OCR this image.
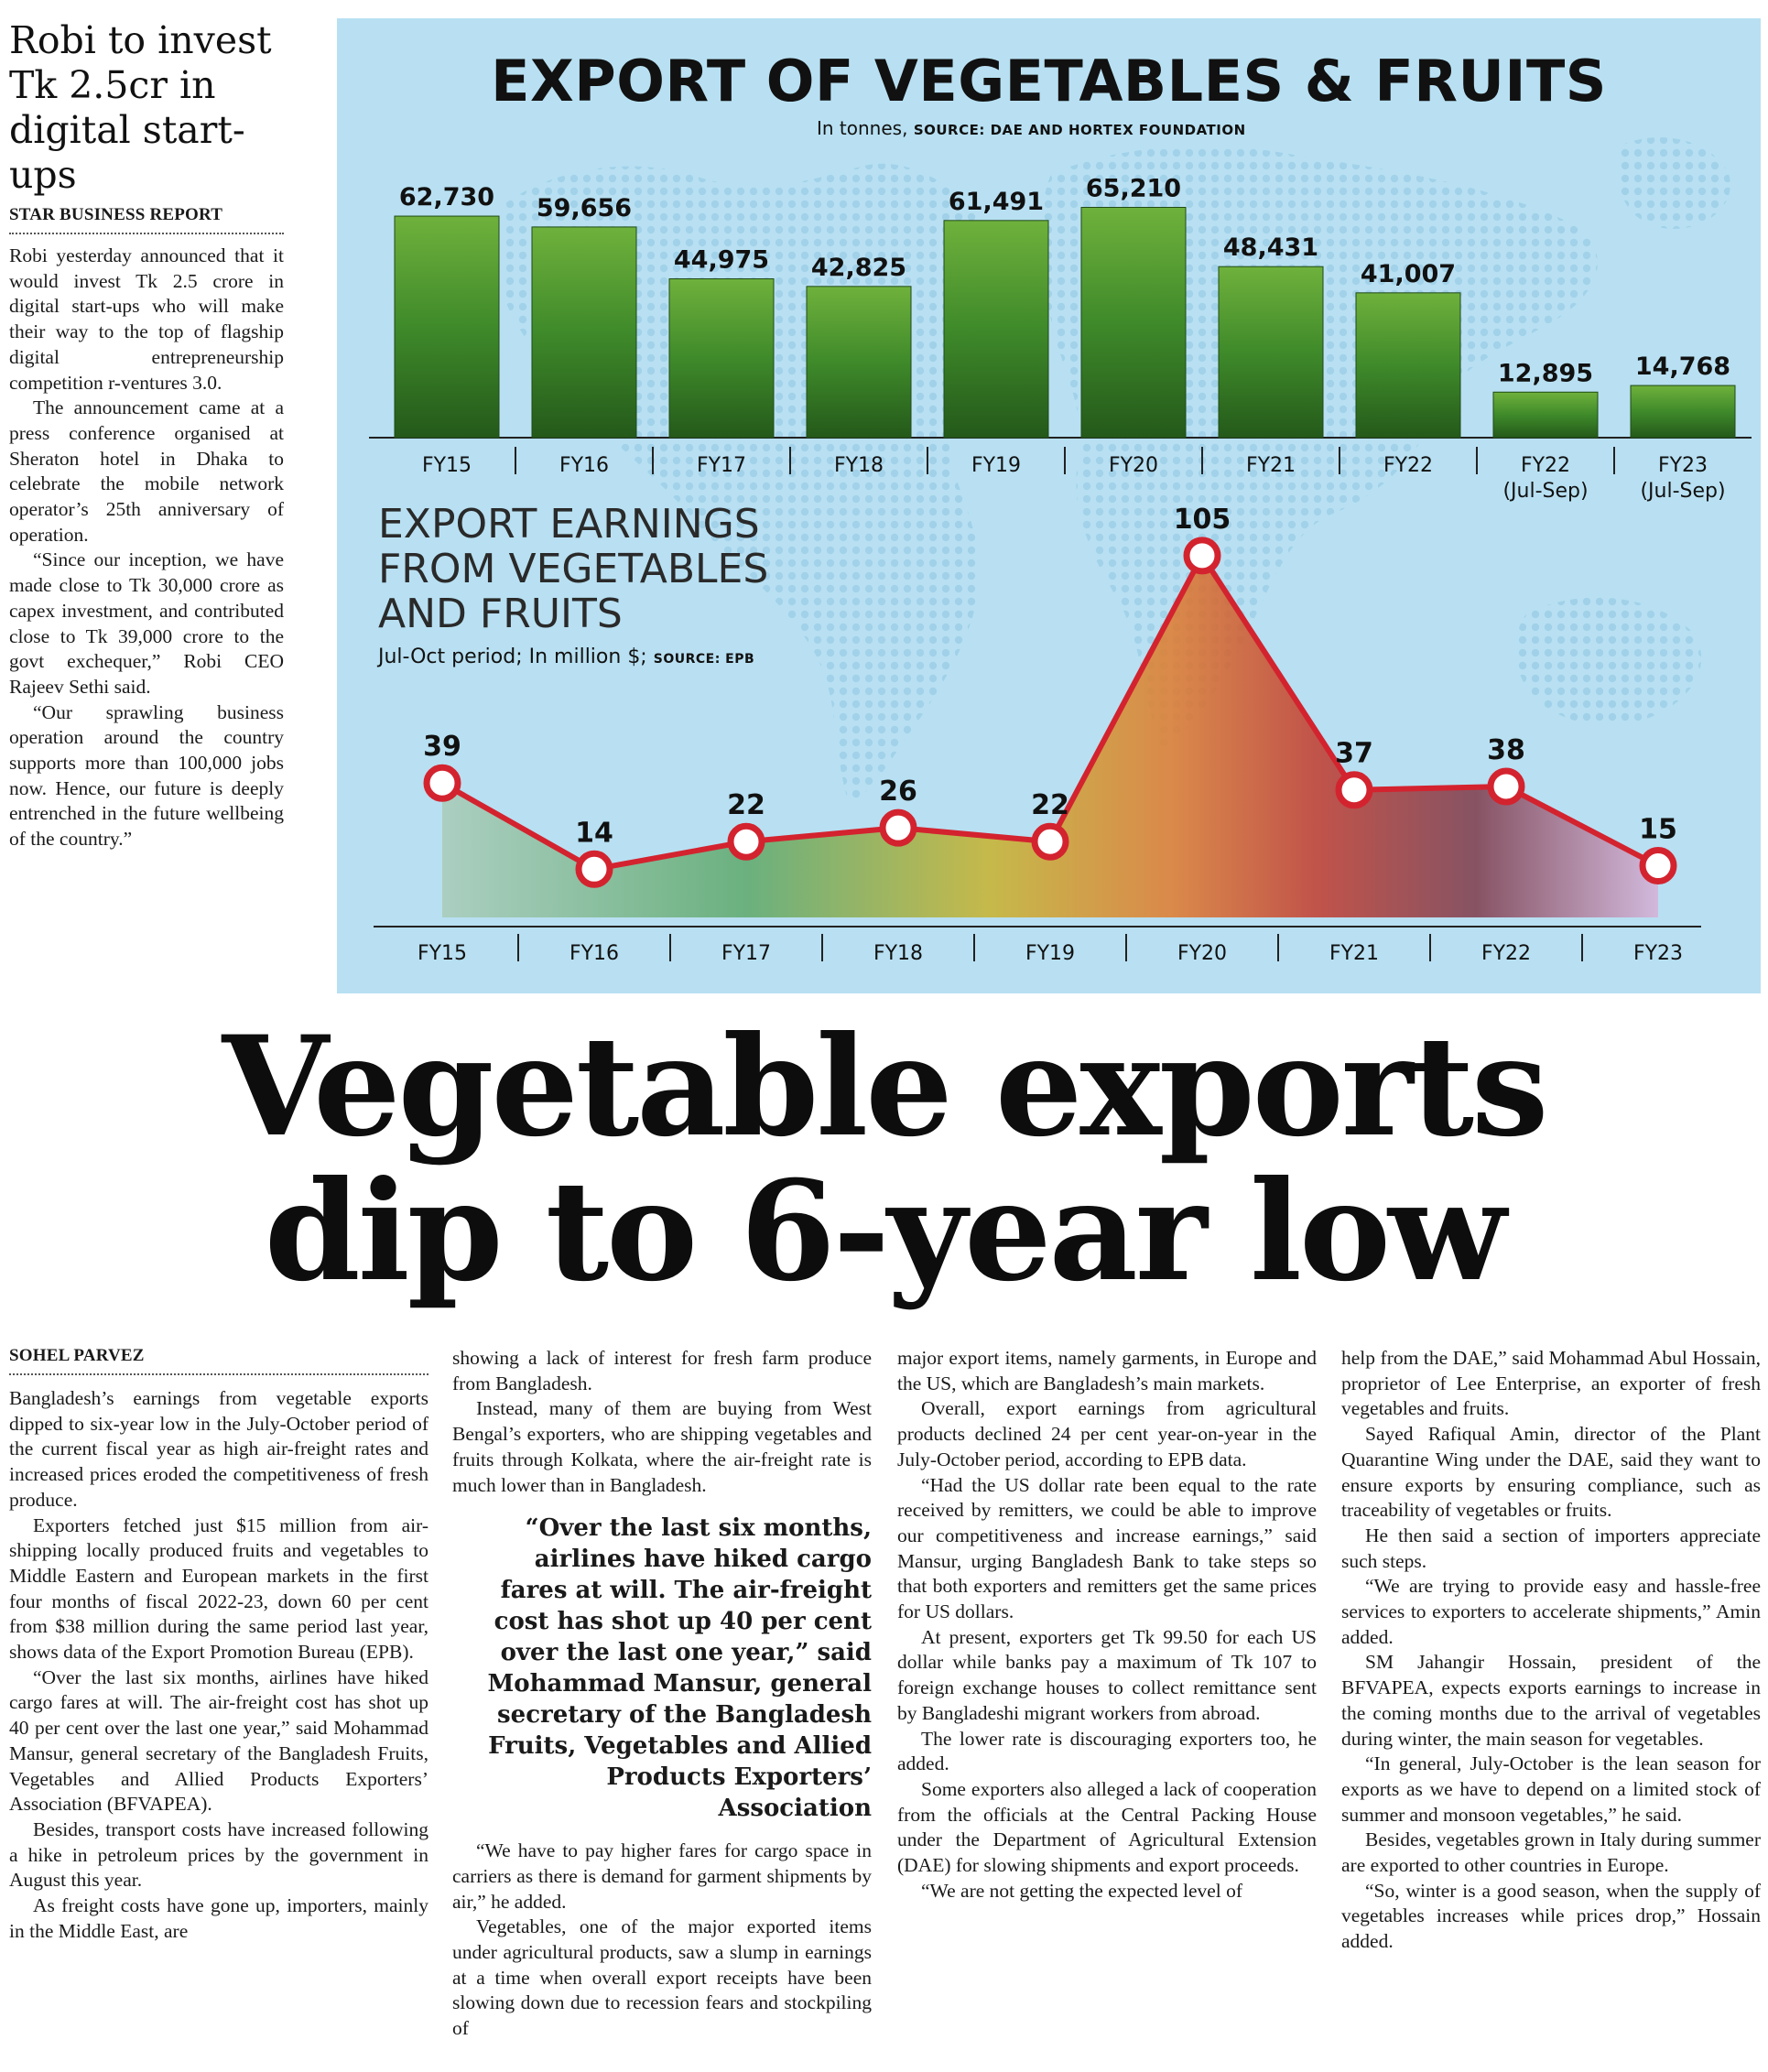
Robi to invest Tk 2.5cr in digital start-ups
STAR BUSINESS REPORT

Robi yesterday announced that it would invest Tk 2.5 crore in digital start-ups who will make their way to the top of flagship digital entrepreneurship competition r-ventures 3.0.

The announcement came at a press conference organised at Sheraton hotel in Dhaka to celebrate the mobile network operator’s 25th anniversary of operation.

“Since our inception, we have made close to Tk 30,000 crore as capex investment, and contributed close to Tk 39,000 crore to the govt exchequer,” Robi CEO Rajeev Sethi said.

“Our sprawling business operation around the country supports more than 100,000 jobs now. Hence, our future is deeply entrenched in the future wellbeing of the country.”

62,730
FY15
59,656
FY16
44,975
FY17
42,825
FY18
61,491
FY19
65,210
FY20
48,431
FY21
41,007
FY22
12,895
FY22
(Jul-Sep)
14,768
FY23
(Jul-Sep)
39
FY15
14
FY16
22
FY17
26
FY18
22
FY19
105
FY20
37
FY21
38
FY22
15
FY23
EXPORT OF VEGETABLES & FRUITS
In tonnes, SOURCE: DAE AND HORTEX FOUNDATION
EXPORT EARNINGS
FROM VEGETABLES
AND FRUITS
Jul-Oct period; In million $; SOURCE: EPB
Vegetable exports
dip to 6-year low
SOHEL PARVEZ

Bangladesh’s earnings from vegetable exports dipped to six-year low in the July-October period of the current fiscal year as high air-freight rates and increased prices eroded the competitiveness of fresh produce.

Exporters fetched just $15 million from air-shipping locally produced fruits and vegetables to Middle Eastern and European markets in the first four months of fiscal 2022-23, down 60 per cent from $38 million during the same period last year, shows data of the Export Promotion Bureau (EPB).

“Over the last six months, airlines have hiked cargo fares at will. The air-freight cost has shot up 40 per cent over the last one year,” said Mohammad Mansur, general secretary of the Bangladesh Fruits, Vegetables and Allied Products Exporters’ Association (BFVAPEA).

Besides, transport costs have increased following a hike in petroleum prices by the government in August this year.

As freight costs have gone up, importers, mainly in the Middle East, are

showing a lack of interest for fresh farm produce from Bangladesh.

Instead, many of them are buying from West Bengal’s exporters, who are shipping vegetables and fruits through Kolkata, where the air-freight rate is much lower than in Bangladesh.

“Over the last six months, airlines have hiked cargo fares at will. The air-freight cost has shot up 40 per cent over the last one year,” said Mohammad Mansur, general secretary of the Bangladesh Fruits, Vegetables and Allied Products Exporters’ Association

“We have to pay higher fares for cargo space in carriers as there is demand for garment shipments by air,” he added.

Vegetables, one of the major exported items under agricultural products, saw a slump in earnings at a time when overall export receipts have been slowing down due to recession fears and stockpiling of

major export items, namely garments, in Europe and the US, which are Bangladesh’s main markets.

Overall, export earnings from agricultural products declined 24 per cent year-on-year in the July-October period, according to EPB data.

“Had the US dollar rate been equal to the rate received by remitters, we could be able to improve our competitiveness and increase earnings,” said Mansur, urging Bangladesh Bank to take steps so that both exporters and remitters get the same prices for US dollars.

At present, exporters get Tk 99.50 for each US dollar while banks pay a maximum of Tk 107 to foreign exchange houses to collect remittance sent by Bangladeshi migrant workers from abroad.

The lower rate is discouraging exporters too, he added.

Some exporters also alleged a lack of cooperation from the officials at the Central Packing House under the Department of Agricultural Extension (DAE) for slowing shipments and export proceeds.

“We are not getting the expected level of

help from the DAE,” said Mohammad Abul Hossain, proprietor of Lee Enterprise, an exporter of fresh vegetables and fruits.

Sayed Rafiqual Amin, director of the Plant Quarantine Wing under the DAE, said they want to ensure exports by ensuring compliance, such as traceability of vegetables or fruits.

He then said a section of importers appreciate such steps.

“We are trying to provide easy and hassle-free services to exporters to accelerate shipments,” Amin added.

SM Jahangir Hossain, president of the BFVAPEA, expects exports earnings to increase in the coming months due to the arrival of vegetables during winter, the main season for vegetables.

“In general, July-October is the lean season for exports as we have to depend on a limited stock of summer and monsoon vegetables,” he said.

Besides, vegetables grown in Italy during summer are exported to other countries in Europe.

“So, winter is a good season, when the supply of vegetables increases while prices drop,” Hossain added.
